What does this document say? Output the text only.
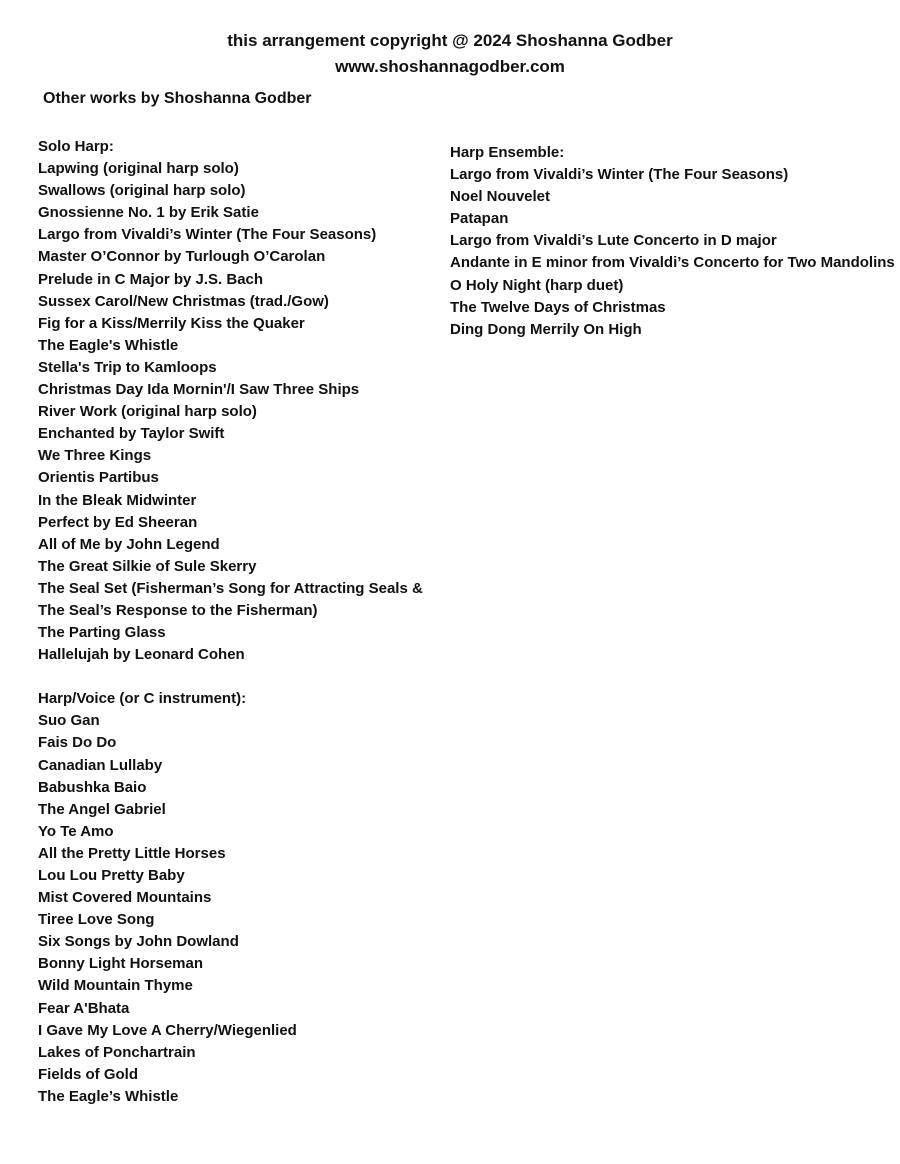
this arrangement copyright @ 2024 Shoshanna Godber
www.shoshannagodber.com
Other works by Shoshanna Godber
Solo Harp:
Lapwing (original harp solo)
Swallows (original harp solo)
Gnossienne No. 1 by Erik Satie
Largo from Vivaldi’s Winter (The Four Seasons)
Master O’Connor by Turlough O’Carolan
Prelude in C Major by J.S. Bach
Sussex Carol/New Christmas (trad./Gow)
Fig for a Kiss/Merrily Kiss the Quaker
The Eagle's Whistle
Stella's Trip to Kamloops
Christmas Day Ida Mornin'/I Saw Three Ships
River Work (original harp solo)
Enchanted by Taylor Swift
We Three Kings
Orientis Partibus
In the Bleak Midwinter
Perfect by Ed Sheeran
All of Me by John Legend
The Great Silkie of Sule Skerry
The Seal Set (Fisherman’s Song for Attracting Seals &
The Seal’s Response to the Fisherman)
The Parting Glass
Hallelujah by Leonard Cohen
Harp/Voice (or C instrument):
Suo Gan
Fais Do Do
Canadian Lullaby
Babushka Baio
The Angel Gabriel
Yo Te Amo
All the Pretty Little Horses
Lou Lou Pretty Baby
Mist Covered Mountains
Tiree Love Song
Six Songs by John Dowland
Bonny Light Horseman
Wild Mountain Thyme
Fear A'Bhata
I Gave My Love A Cherry/Wiegenlied
Lakes of Ponchartrain
Fields of Gold
The Eagle’s Whistle
Harp Ensemble:
Largo from Vivaldi’s Winter (The Four Seasons)
Noel Nouvelet
Patapan
Largo from Vivaldi’s Lute Concerto in D major
Andante in E minor from Vivaldi’s Concerto for Two Mandolins
O Holy Night (harp duet)
The Twelve Days of Christmas
Ding Dong Merrily On High
